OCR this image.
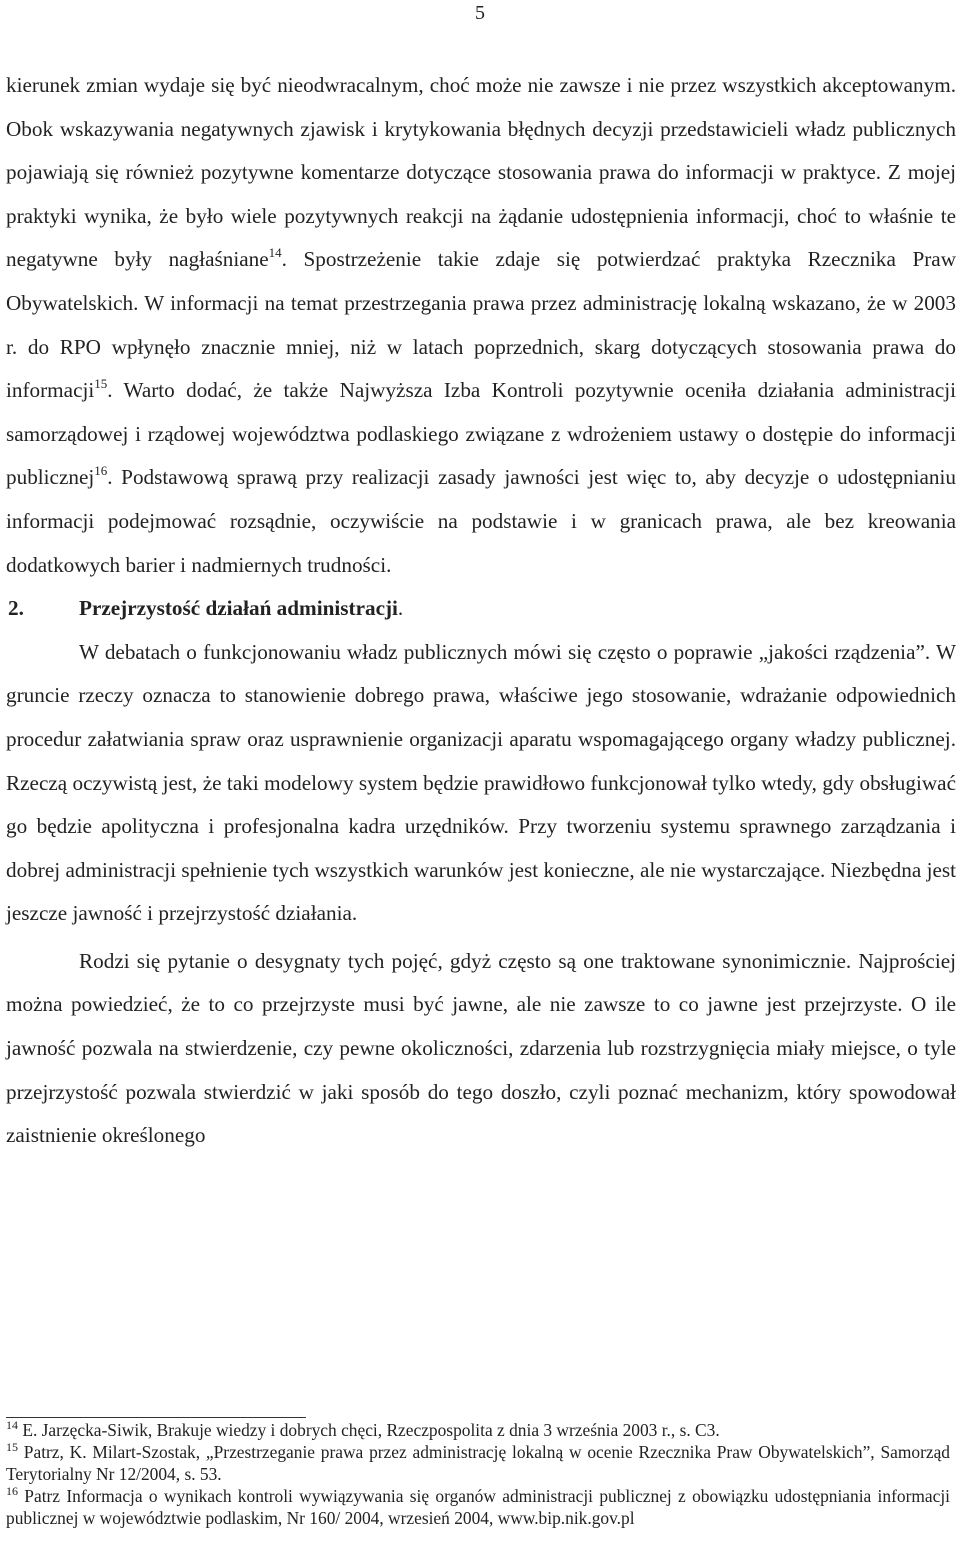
5

kierunek zmian wydaje się być nieodwracalnym, choć może nie zawsze i nie przez wszystkich akceptowanym. Obok wskazywania negatywnych zjawisk i krytykowania błędnych decyzji przedstawicieli władz publicznych pojawiają się również pozytywne komentarze dotyczące stosowania prawa do informacji w praktyce. Z mojej praktyki wynika, że było wiele pozytywnych reakcji na żądanie udostępnienia informacji, choć to właśnie te negatywne były nagłaśniane$^{14}$. Spostrzeżenie takie zdaje się potwierdzać praktyka Rzecznika Praw Obywatelskich. W informacji na temat przestrzegania prawa przez administrację lokalną wskazano, że w 2003 r. do RPO wpłynęło znacznie mniej, niż w latach poprzednich, skarg dotyczących stosowania prawa do informacji$^{15}$. Warto dodać, że także Najwyższa Izba Kontroli pozytywnie oceniła działania administracji samorządowej i rządowej województwa podlaskiego związane z wdrożeniem ustawy o dostępie do informacji publicznej$^{16}$. Podstawową sprawą przy realizacji zasady jawności jest więc to, aby decyzje o udostępnianiu informacji podejmować rozsądnie, oczywiście na podstawie i w granicach prawa, ale bez kreowania dodatkowych barier i nadmiernych trudności.

2.	Przejrzystość działań administracji.

W debatach o funkcjonowaniu władz publicznych mówi się często o poprawie „jakości rządzenia”. W gruncie rzeczy oznacza to stanowienie dobrego prawa, właściwe jego stosowanie, wdrażanie odpowiednich procedur załatwiania spraw oraz usprawnienie organizacji aparatu wspomagającego organy władzy publicznej. Rzeczą oczywistą jest, że taki modelowy system będzie prawidłowo funkcjonował tylko wtedy, gdy obsługiwać go będzie apolityczna i profesjonalna kadra urzędników. Przy tworzeniu systemu sprawnego zarządzania i dobrej administracji spełnienie tych wszystkich warunków jest konieczne, ale nie wystarczające. Niezbędna jest jeszcze jawność i przejrzystość działania.

Rodzi się pytanie o desygnaty tych pojęć, gdyż często są one traktowane synonimicznie. Najprościej można powiedzieć, że to co przejrzyste musi być jawne, ale nie zawsze to co jawne jest przejrzyste. O ile jawność pozwala na stwierdzenie, czy pewne okoliczności, zdarzenia lub rozstrzygnięcia miały miejsce, o tyle przejrzystość pozwala stwierdzić w jaki sposób do tego doszło, czyli poznać mechanizm, który spowodował zaistnienie określonego

$^{14}$ E. Jarzęcka-Siwik, Brakuje wiedzy i dobrych chęci, Rzeczpospolita z dnia 3 września 2003 r., s. C3.

$^{15}$ Patrz, K. Milart-Szostak, „Przestrzeganie prawa przez administrację lokalną w ocenie Rzecznika Praw Obywatelskich”, Samorząd Terytorialny Nr 12/2004, s. 53.

$^{16}$ Patrz Informacja o wynikach kontroli wywiązywania się organów administracji publicznej z obowiązku udostępniania informacji publicznej w województwie podlaskim, Nr 160/ 2004, wrzesień 2004, www.bip.nik.gov.pl
